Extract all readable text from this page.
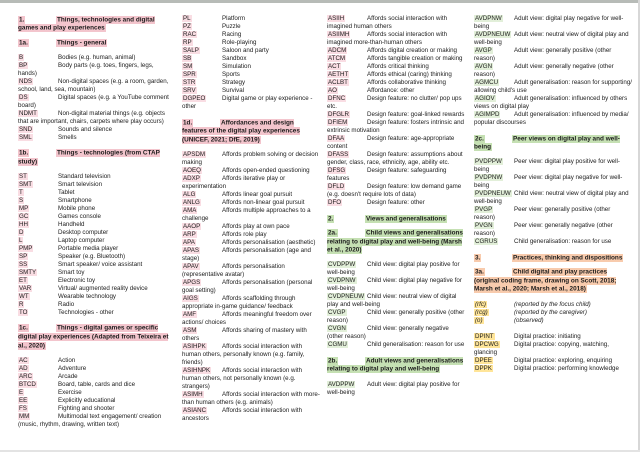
1.	Things, technologies and digital games and play experiences
1a.	Things - general

B	Bodies (e.g. human, animal)

BP	Body parts (e.g. toes, fingers, legs, hands)

NDS	Non-digital spaces (e.g. a room, garden, school, land, sea, mountain)

DS	Digital spaces (e.g. a YouTube comment board)

NDMT	Non-digital material things (e.g. objects that are important, chairs, carpets where play occurs)

SND	Sounds and silence

SML	Smells

1b.	Things - technologies (from CTAP study)

ST	Standard television

SMT	Smart television

T	Tablet

S	Smartphone

MP	Mobile phone

GC	Games console

HH	Handheld

D	Desktop computer

L	Laptop computer

PMP	Portable media player

SP	Speaker (e.g. Bluetooth)

SS	Smart speaker/ voice assistant

SMTY	Smart toy

ET	Electronic toy

VAR	Virtual/ augmented reality device

WT	Wearable technology

R	Radio

TO	Technologies - other

1c.	Things - digital games or specific digital play experiences (Adapted from Teixeira et al., 2020)

AC	Action

AD	Adventure

ARC	Arcade

BTCD	Board, table, cards and dice

E	Exercise

EE	Explicitly educational

FS	Fighting and shooter

MM	Multimodal text engagement/ creation (music, rhythm, drawing, written text)

PL	Platform

PZ	Puzzle

RAC	Racing

RP	Role-playing

SALP	Saloon and party

SB	Sandbox

SM	Simulation

SPR	Sports

STR	Strategy

SRV	Survival

DGPEO	Digital game or play experience - other

1d.	Affordances and design features of the digital play experiences (UNICEF, 2021; DfE, 2019)

APSDM	Affords problem solving or decision making

AOEQ	Affords open-ended questioning

ADXP	Affords iterative play or experimentation

ALG	Affords linear goal pursuit

ANLG	Affords non-linear goal pursuit

AMA	Affords multiple approaches to a challenge

AAOP	Affords play at own pace

ARP	Affords role play

APA	Affords personalisation (aesthetic)

APAS	Affords personalisation (age and stage)

APAV	Affords personalisation (representative avatar)

APGS	Affords personalisation (personal goal setting)

AIGS	Affords scaffolding through appropriate in-game guidance/ feedback

AMF	Affords meaningful freedom over actions/ choices

ASM	Affords sharing of mastery with others

ASIHPK	Affords social interaction with human others, personally known (e.g. family, friends)

ASIHNPK Affords social interaction with human others, not personally known (e.g. strangers)

ASIMH	Affords social interaction with more-than human others (e.g. animals)

ASIANC	Affords social interaction with ancestors

ASIIH	Affords social interaction with imagined human others

ASIIMH	Affords social interaction with imagined more-than-human others

ADCM	Affords digital creation or making

ATCM	Affords tangible creation or making

ACT	Affords critical thinking

AETHT	Affords ethical (caring) thinking

ACLBT	Affords collaborative thinking

AO	Affordance: other

DFNC	Design feature: no clutter/ pop ups etc.

DFGLR	Design feature: goal-linked rewards

DFIEM	Design feature: fosters intrinsic and extrinsic motivation

DFAA	Design feature: age-appropriate content

DFASS	Design feature: assumptions about gender, class, race, ethnicity, age, ability etc.

DFSG	Design feature: safeguarding features

DFLD	Design feature: low demand game (e.g. doesn't require lots of data)

DFO	Design feature: other

2.	Views and generalisations
2a.	Child views and generalisations relating to digital play and well-being (Marsh et al., 2020)

CVDPPW Child view: digital play positive for well-being

CVDPNW Child view: digital play negative for well-being

CVDPNEUW Child view: neutral view of digital play and well-being

CVGP	Child view: generally positive (other reason)

CVGN	Child view: generally negative (other reason)

CGMU	Child generalisation: reason for use

2b.	Adult views and generalisations relating to digital play and well-being

AVDPPW Adult view: digital play positive for well-being

AVDPNW Adult view: digital play negative for well-being

AVDPNEUW Adult view: neutral view of digital play and well-being

AVGP	Adult view: generally positive (other reason)

AVGN	Adult view: generally negative (other reason)

AGMCU	Adult generalisation: reason for supporting/ allowing child's use

AGIOV	Adult generalisation: influenced by others views on digital play

AGIMPD Adult generalisation: influenced by media/ popular discourses

2c.	Peer views on digital play and well-being

PVDPPW Peer view: digital play positive for well-being

PVDPNW Peer view: digital play negative for well-being

PVDPNEUW Child view: neutral view of digital play and well-being

PVGP	Peer view: generally positive (other reason)

PVGN	Peer view: generally negative (other reason)

CGRUS	Child generalisation: reason for use

3.	Practices, thinking and dispositions
3a.	Child digital and play practices (original coding frame, drawing on Scott, 2018; Marsh et al., 2020; Marsh et al., 2018)

(rfc)	(reported by the focus child)

(rcg)	(reported by the caregiver)

(o)	(observed)

DPINT	Digital practice: initiating

DPCWG Digital practice: copying, watching, glancing

DPEE	Digital practice: exploring, enquiring

DPPK	Digital practice: performing knowledge
